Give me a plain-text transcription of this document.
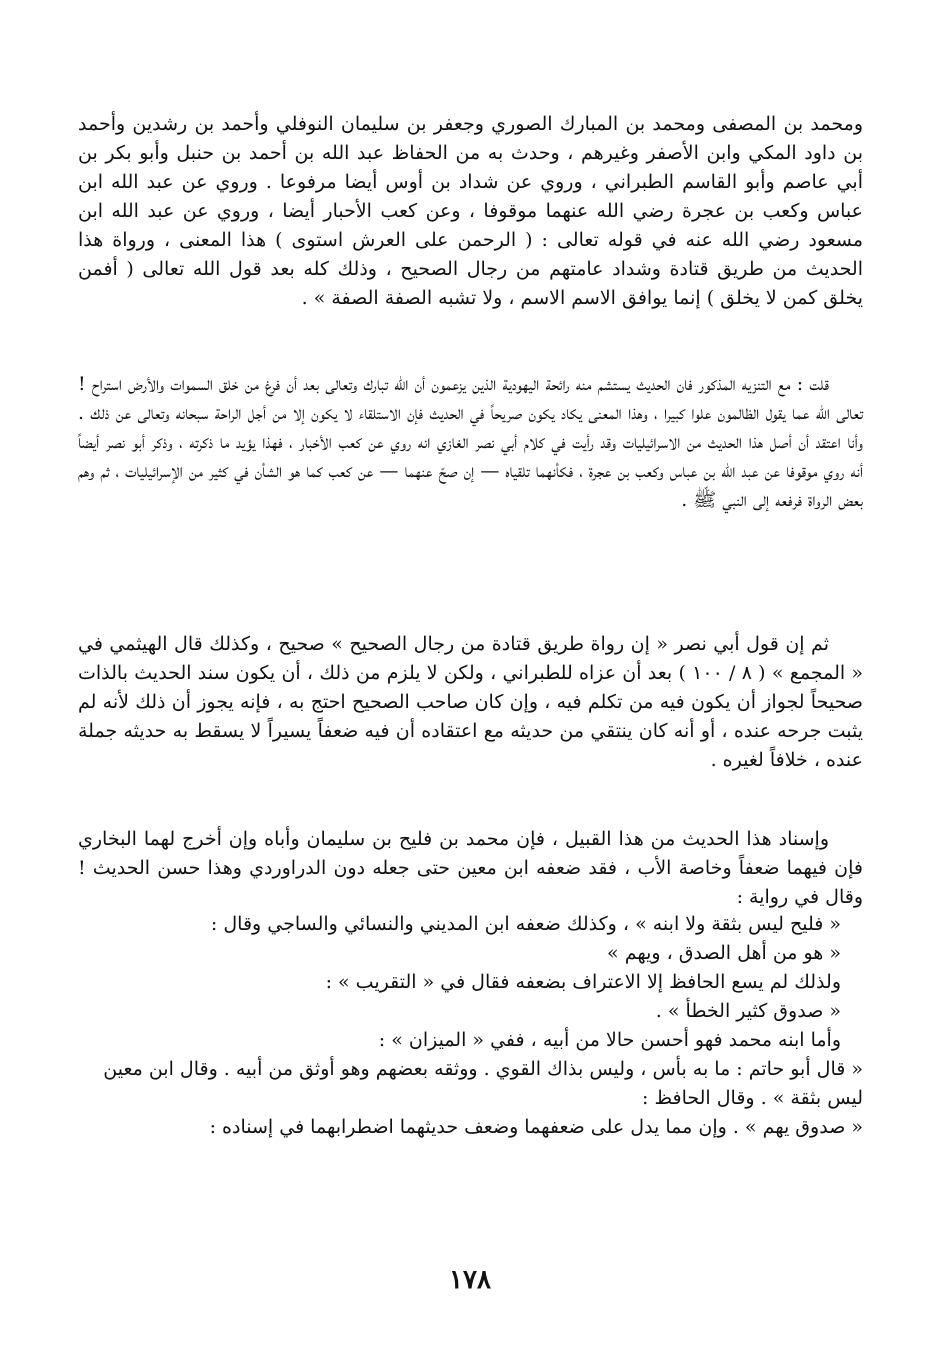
ومحمد بن المصفى ومحمد بن المبارك الصوري وجعفر بن سليمان النوفلي وأحمد بن رشدين وأحمد بن داود المكي وابن الأصفر وغيرهم ، وحدث به من الحفاظ عبد الله بن أحمد بن حنبل وأبو بكر بن أبي عاصم وأبو القاسم الطبراني ، وروي عن شداد بن أوس أيضا مرفوعا . وروي عن عبد الله ابن عباس وكعب بن عجرة رضي الله عنهما موقوفا ، وعن كعب الأحبار أيضا ، وروي عن عبد الله ابن مسعود رضي الله عنه في قوله تعالى : ( الرحمن على العرش استوى ) هذا المعنى ، ورواة هذا الحديث من طريق قتادة وشداد عامتهم من رجال الصحيح ، وذلك كله بعد قول الله تعالى ( أفمن يخلق كمن لا يخلق ) إنما يوافق الاسم الاسم ، ولا تشبه الصفة الصفة » .

قلت : مع التنزيه المذكور فان الحديث يستشم منه رائحة اليهودية الذين يزعمون أن الله تبارك وتعالى بعد أن فرغ من خلق السموات والأرض استراح ! تعالى الله عما يقول الظالمون علوا كبيرا ، وهذا المعنى يكاد يكون صريحاً في الحديث فإن الاستلقاء لا يكون إلا من أجل الراحة سبحانه وتعالى عن ذلك . وأنا اعتقد أن أصل هذا الحديث من الاسرائيليات وقد رأيت في كلام أبي نصر الغازي انه روي عن كعب الأخبار ، فهذا يؤيد ما ذكرته ، وذكر أبو نصر أيضاً أنه روي موقوفا عن عبد الله بن عباس وكعب بن عجرة ، فكأنهما تلقياه — إن صحّ عنهما — عن كعب كما هو الشأن في كثير من الإسرائيليات ، ثم وهم بعض الرواة فرفعه إلى النبي ﷺ .

ثم إن قول أبي نصر « إن رواة طريق قتادة من رجال الصحيح » صحيح ، وكذلك قال الهيثمي في « المجمع » ( ٨ / ١٠٠ ) بعد أن عزاه للطبراني ، ولكن لا يلزم من ذلك ، أن يكون سند الحديث بالذات صحيحاً لجواز أن يكون فيه من تكلم فيه ، وإن كان صاحب الصحيح احتج به ، فإنه يجوز أن ذلك لأنه لم يثبت جرحه عنده ، أو أنه كان ينتقي من حديثه مع اعتقاده أن فيه ضعفاً يسيراً لا يسقط به حديثه جملة عنده ، خلافاً لغيره .

وإسناد هذا الحديث من هذا القبيل ، فإن محمد بن فليح بن سليمان وأباه وإن أخرج لهما البخاري فإن فيهما ضعفاً وخاصة الأب ، فقد ضعفه ابن معين حتى جعله دون الدراوردي وهذا حسن الحديث ! وقال في رواية :

« فليح ليس بثقة ولا ابنه » ، وكذلك ضعفه ابن المديني والنسائي والساجي وقال :

« هو من أهل الصدق ، ويهم »

ولذلك لم يسع الحافظ إلا الاعتراف بضعفه فقال في « التقريب » :

« صدوق كثير الخطأ » .

وأما ابنه محمد فهو أحسن حالا من أبيه ، ففي « الميزان » :

« قال أبو حاتم : ما به بأس ، وليس بذاك القوي . ووثقه بعضهم وهو أوثق من أبيه . وقال ابن معين ليس بثقة » . وقال الحافظ :

« صدوق يهم » . وإن مما يدل على ضعفهما وضعف حديثهما اضطرابهما في إسناده :

١٧٨
